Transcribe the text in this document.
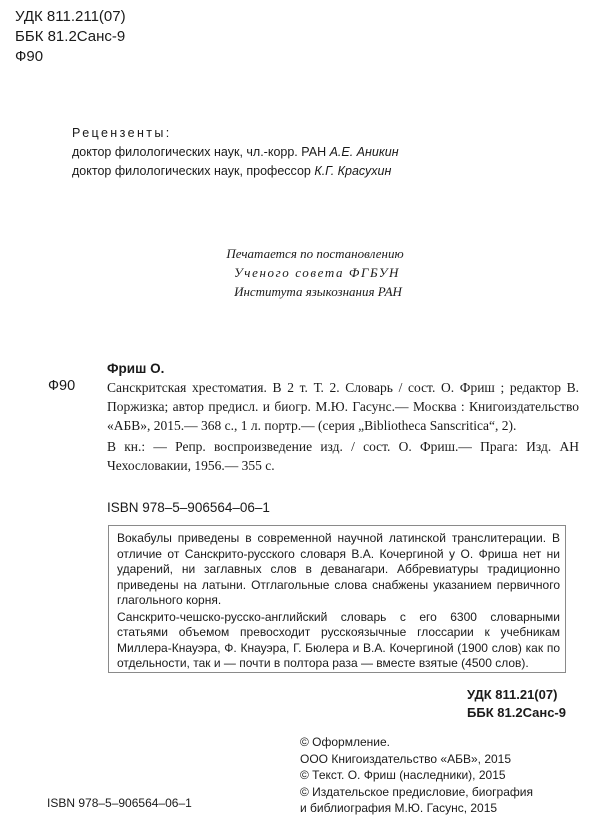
УДК 811.211(07)
ББК 81.2Санс-9
Ф90
Рецензенты:
доктор филологических наук, чл.-корр. РАН А.Е. Аникин
доктор филологических наук, профессор К.Г. Красухин
Печатается по постановлению
Ученого совета ФГБУН
Института языкознания РАН
Ф90
Фриш О.
Санскритская хрестоматия. В 2 т. Т. 2. Словарь / сост. О. Фриш ; редактор В. Поржизка; автор предисл. и биогр. М.Ю. Гасунс.— Москва : Книгоиздательство «АБВ», 2015.— 368 с., 1 л. портр.— (серия „Bibliotheca Sanscritica“, 2).
В кн.: — Репр. воспроизведение изд. / сост. О. Фриш.— Прага: Изд. АН Чехословакии, 1956.— 355 с.
ISBN 978–5–906564–06–1

Вокабулы приведены в современной научной латинской транслитерации. В отличие от Санскрито-русского словаря В.А. Кочергиной у О. Фриша нет ни ударений, ни заглавных слов в деванагари. Аббревиатуры традиционно приведены на латыни. Отглагольные слова снабжены указанием первичного глагольного корня.

Санскрито-чешско-русско-английский словарь с его 6300 словарными статьями объемом превосходит русскоязычные глоссарии к учебникам Миллера-Кнауэра, Ф. Кнауэра, Г. Бюлера и В.А. Кочергиной (1900 слов) как по отдельности, так и — почти в полтора раза — вместе взятые (4500 слов).

УДК 811.21(07)
ББК 81.2Санс-9
© Оформление.
ООО Книгоиздательство «АБВ», 2015
© Текст. О. Фриш (наследники), 2015
© Издательское предисловие, биография
и библиография М.Ю. Гасунс, 2015
ISBN 978–5–906564–06–1
